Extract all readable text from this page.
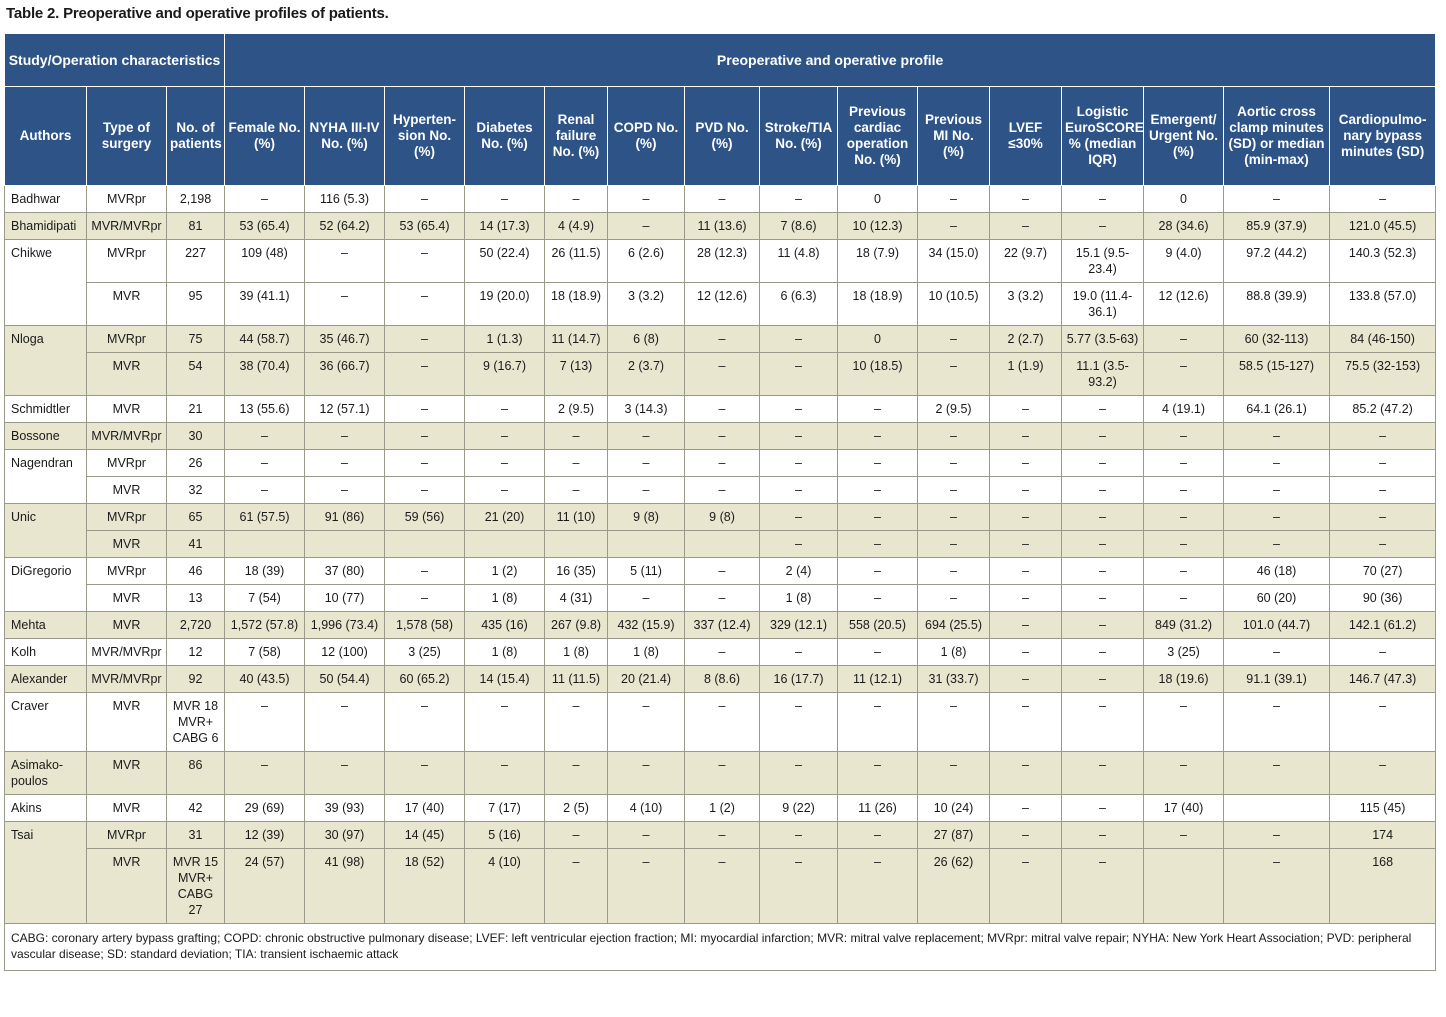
Table 2. Preoperative and operative profiles of patients.
Study/Operation characteristics			Preoperative and operative profile														
Authors	Type of surgery	No. of patients	Female No. (%)	NYHA III-IV No. (%)	Hyperten-sion No. (%)	Diabetes No. (%)	Renal failure No. (%)	COPD No. (%)	PVD No. (%)	Stroke/TIA No. (%)	Previous cardiac operation No. (%)	Previous MI No. (%)	LVEF ≤30%	Logistic EuroSCORE % (median IQR)	Emergent/ Urgent No. (%)	Aortic cross clamp minutes (SD) or median (min-max)	Cardiopulmo-nary bypass minutes (SD)
Badhwar	MVRpr	2,198	–	116 (5.3)	–	–	–	–	–	–	0	–	–	–	0	–	–
Bhamidipati	MVR/MVRpr	81	53 (65.4)	52 (64.2)	53 (65.4)	14 (17.3)	4 (4.9)	–	11 (13.6)	7 (8.6)	10 (12.3)	–	–	–	28 (34.6)	85.9 (37.9)	121.0 (45.5)
Chikwe	MVRpr	227	109 (48)	–	–	50 (22.4)	26 (11.5)	6 (2.6)	28 (12.3)	11 (4.8)	18 (7.9)	34 (15.0)	22 (9.7)	15.1 (9.5-23.4)	9 (4.0)	97.2 (44.2)	140.3 (52.3)
	MVR	95	39 (41.1)	–	–	19 (20.0)	18 (18.9)	3 (3.2)	12 (12.6)	6 (6.3)	18 (18.9)	10 (10.5)	3 (3.2)	19.0 (11.4-36.1)	12 (12.6)	88.8 (39.9)	133.8 (57.0)
Nloga	MVRpr	75	44 (58.7)	35 (46.7)	–	1 (1.3)	11 (14.7)	6 (8)	–	–	0	–	2 (2.7)	5.77 (3.5-63)	–	60 (32-113)	84 (46-150)
	MVR	54	38 (70.4)	36 (66.7)	–	9 (16.7)	7 (13)	2 (3.7)	–	–	10 (18.5)	–	1 (1.9)	11.1 (3.5-93.2)	–	58.5 (15-127)	75.5 (32-153)
Schmidtler	MVR	21	13 (55.6)	12 (57.1)	–	–	2 (9.5)	3 (14.3)	–	–	–	2 (9.5)	–	–	4 (19.1)	64.1 (26.1)	85.2 (47.2)
Bossone	MVR/MVRpr	30	–	–	–	–	–	–	–	–	–	–	–	–	–	–	–
Nagendran	MVRpr	26	–	–	–	–	–	–	–	–	–	–	–	–	–	–	–
	MVR	32	–	–	–	–	–	–	–	–	–	–	–	–	–	–	–
Unic	MVRpr	65	61 (57.5)	91 (86)	59 (56)	21 (20)	11 (10)	9 (8)	9 (8)	–	–	–	–	–	–	–	–
	MVR	41								–	–	–	–	–	–	–	–
DiGregorio	MVRpr	46	18 (39)	37 (80)	–	1 (2)	16 (35)	5 (11)	–	2 (4)	–	–	–	–	–	46 (18)	70 (27)
	MVR	13	7 (54)	10 (77)	–	1 (8)	4 (31)	–	–	1 (8)	–	–	–	–	–	60 (20)	90 (36)
Mehta	MVR	2,720	1,572 (57.8)	1,996 (73.4)	1,578 (58)	435 (16)	267 (9.8)	432 (15.9)	337 (12.4)	329 (12.1)	558 (20.5)	694 (25.5)	–	–	849 (31.2)	101.0 (44.7)	142.1 (61.2)
Kolh	MVR/MVRpr	12	7 (58)	12 (100)	3 (25)	1 (8)	1 (8)	1 (8)	–	–	–	1 (8)	–	–	3 (25)	–	–
Alexander	MVR/MVRpr	92	40 (43.5)	50 (54.4)	60 (65.2)	14 (15.4)	11 (11.5)	20 (21.4)	8 (8.6)	16 (17.7)	11 (12.1)	31 (33.7)	–	–	18 (19.6)	91.1 (39.1)	146.7 (47.3)
Craver	MVR	MVR 18 MVR+ CABG 6	–	–	–	–	–	–	–	–	–	–	–	–	–	–	–
Asimako-poulos	MVR	86	–	–	–	–	–	–	–	–	–	–	–	–	–	–	–
Akins	MVR	42	29 (69)	39 (93)	17 (40)	7 (17)	2 (5)	4 (10)	1 (2)	9 (22)	11 (26)	10 (24)	–	–	17 (40)		115 (45)
Tsai	MVRpr	31	12 (39)	30 (97)	14 (45)	5 (16)	–	–	–	–	–	27 (87)	–	–	–	–	174
	MVR	MVR 15 MVR+ CABG 27	24 (57)	41 (98)	18 (52)	4 (10)	–	–	–	–	–	26 (62)	–	–		–	168
CABG: coronary artery bypass grafting; COPD: chronic obstructive pulmonary disease; LVEF: left ventricular ejection fraction; MI: myocardial infarction; MVR: mitral valve replacement; MVRpr: mitral valve repair; NYHA: New York Heart Association; PVD: peripheral vascular disease; SD: standard deviation; TIA: transient ischaemic attack																	
